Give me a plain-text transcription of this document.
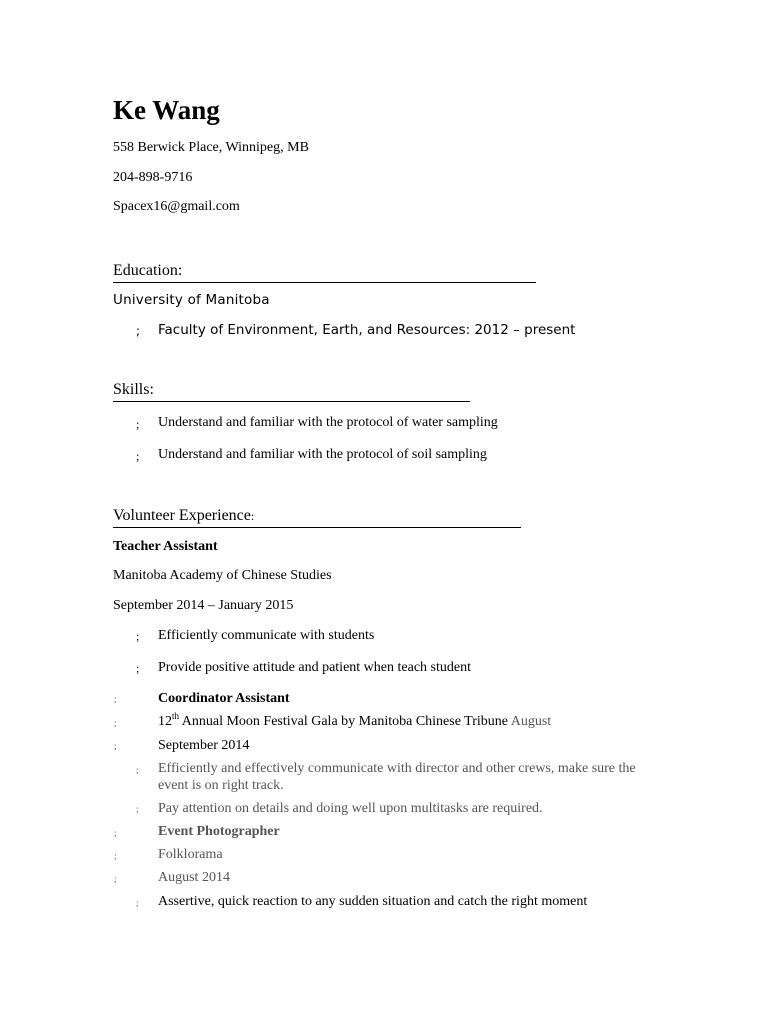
Ke Wang
558 Berwick Place, Winnipeg, MB
204-898-9716
Spacex16@gmail.com
Education:
University of Manitoba
; Faculty of Environment, Earth, and Resources: 2012 – present
Skills:
; Understand and familiar with the protocol of water sampling
; Understand and familiar with the protocol of soil sampling
Volunteer Experience:
Teacher Assistant
Manitoba Academy of Chinese Studies
September 2014 – January 2015
; Efficiently communicate with students
; Provide positive attitude and patient when teach student
;	Coordinator Assistant
;	12th Annual Moon Festival Gala by Manitoba Chinese Tribune August
;	September 2014
; Efficiently and effectively communicate with director and other crews, make sure the event is on right track.
; Pay attention on details and doing well upon multitasks are required.
;	Event Photographer
;	Folklorama
;	August 2014
; Assertive, quick reaction to any sudden situation and catch the right moment
